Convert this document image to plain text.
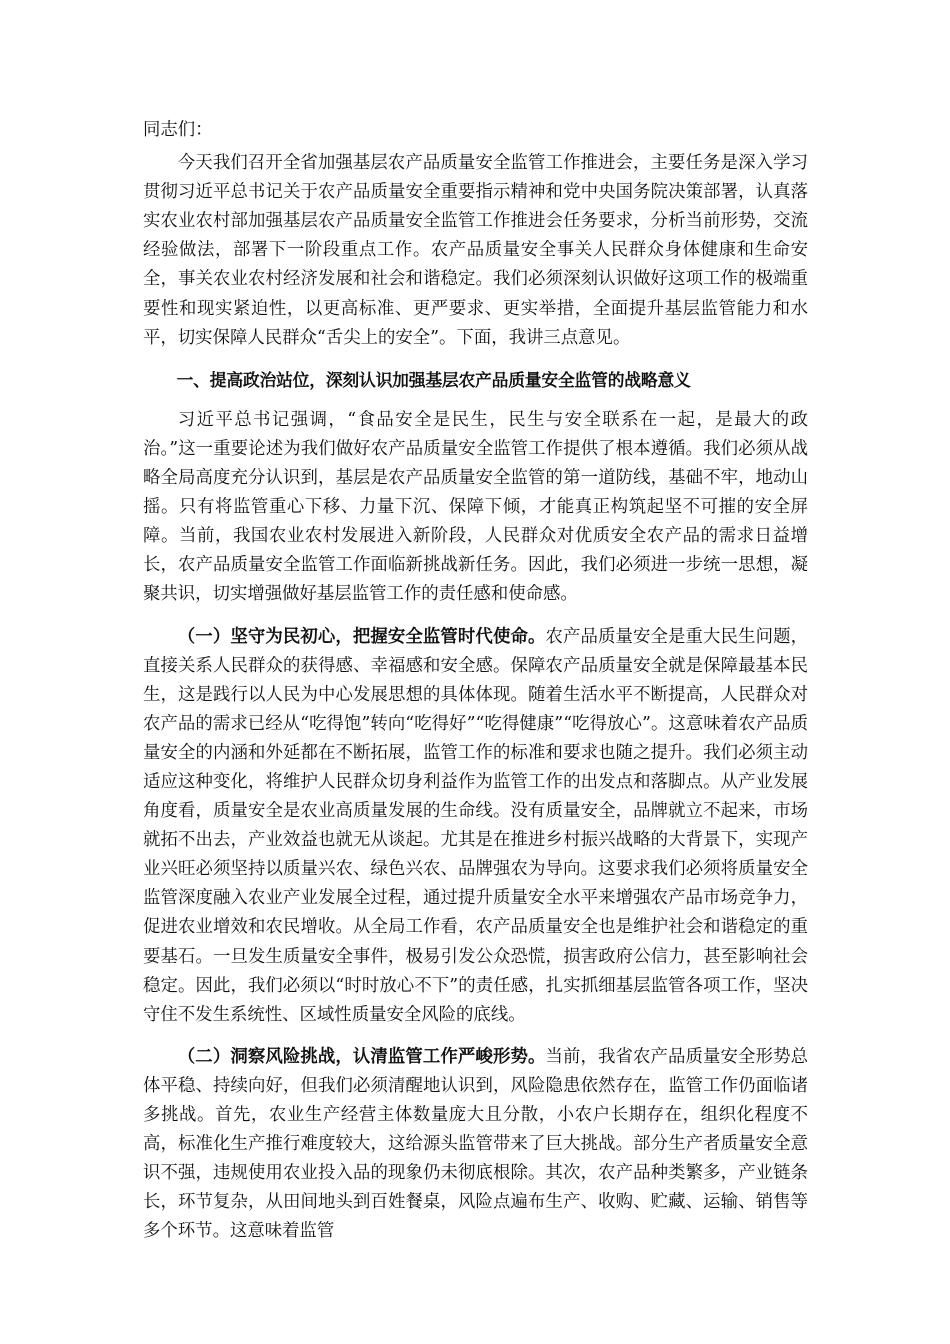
同志们：

今天我们召开全省加强基层农产品质量安全监管工作推进会，主要任务是深入学习贯彻习近平总书记关于农产品质量安全重要指示精神和党中央国务院决策部署，认真落实农业农村部加强基层农产品质量安全监管工作推进会任务要求，分析当前形势，交流经验做法，部署下一阶段重点工作。农产品质量安全事关人民群众身体健康和生命安全，事关农业农村经济发展和社会和谐稳定。我们必须深刻认识做好这项工作的极端重要性和现实紧迫性，以更高标准、更严要求、更实举措，全面提升基层监管能力和水平，切实保障人民群众“舌尖上的安全”。下面，我讲三点意见。

一、提高政治站位，深刻认识加强基层农产品质量安全监管的战略意义

习近平总书记强调，“食品安全是民生，民生与安全联系在一起，是最大的政治。”这一重要论述为我们做好农产品质量安全监管工作提供了根本遵循。我们必须从战略全局高度充分认识到，基层是农产品质量安全监管的第一道防线，基础不牢，地动山摇。只有将监管重心下移、力量下沉、保障下倾，才能真正构筑起坚不可摧的安全屏障。当前，我国农业农村发展进入新阶段，人民群众对优质安全农产品的需求日益增长，农产品质量安全监管工作面临新挑战新任务。因此，我们必须进一步统一思想，凝聚共识，切实增强做好基层监管工作的责任感和使命感。

（一）坚守为民初心，把握安全监管时代使命。农产品质量安全是重大民生问题，直接关系人民群众的获得感、幸福感和安全感。保障农产品质量安全就是保障最基本民生，这是践行以人民为中心发展思想的具体体现。随着生活水平不断提高，人民群众对农产品的需求已经从“吃得饱”转向“吃得好”“吃得健康”“吃得放心”。这意味着农产品质量安全的内涵和外延都在不断拓展，监管工作的标准和要求也随之提升。我们必须主动适应这种变化，将维护人民群众切身利益作为监管工作的出发点和落脚点。从产业发展角度看，质量安全是农业高质量发展的生命线。没有质量安全，品牌就立不起来，市场就拓不出去，产业效益也就无从谈起。尤其是在推进乡村振兴战略的大背景下，实现产业兴旺必须坚持以质量兴农、绿色兴农、品牌强农为导向。这要求我们必须将质量安全监管深度融入农业产业发展全过程，通过提升质量安全水平来增强农产品市场竞争力，促进农业增效和农民增收。从全局工作看，农产品质量安全也是维护社会和谐稳定的重要基石。一旦发生质量安全事件，极易引发公众恐慌，损害政府公信力，甚至影响社会稳定。因此，我们必须以“时时放心不下”的责任感，扎实抓细基层监管各项工作，坚决守住不发生系统性、区域性质量安全风险的底线。

（二）洞察风险挑战，认清监管工作严峻形势。当前，我省农产品质量安全形势总体平稳、持续向好，但我们必须清醒地认识到，风险隐患依然存在，监管工作仍面临诸多挑战。首先，农业生产经营主体数量庞大且分散，小农户长期存在，组织化程度不高，标准化生产推行难度较大，这给源头监管带来了巨大挑战。部分生产者质量安全意识不强，违规使用农业投入品的现象仍未彻底根除。其次，农产品种类繁多，产业链条长，环节复杂，从田间地头到百姓餐桌，风险点遍布生产、收购、贮藏、运输、销售等多个环节。这意味着监管
